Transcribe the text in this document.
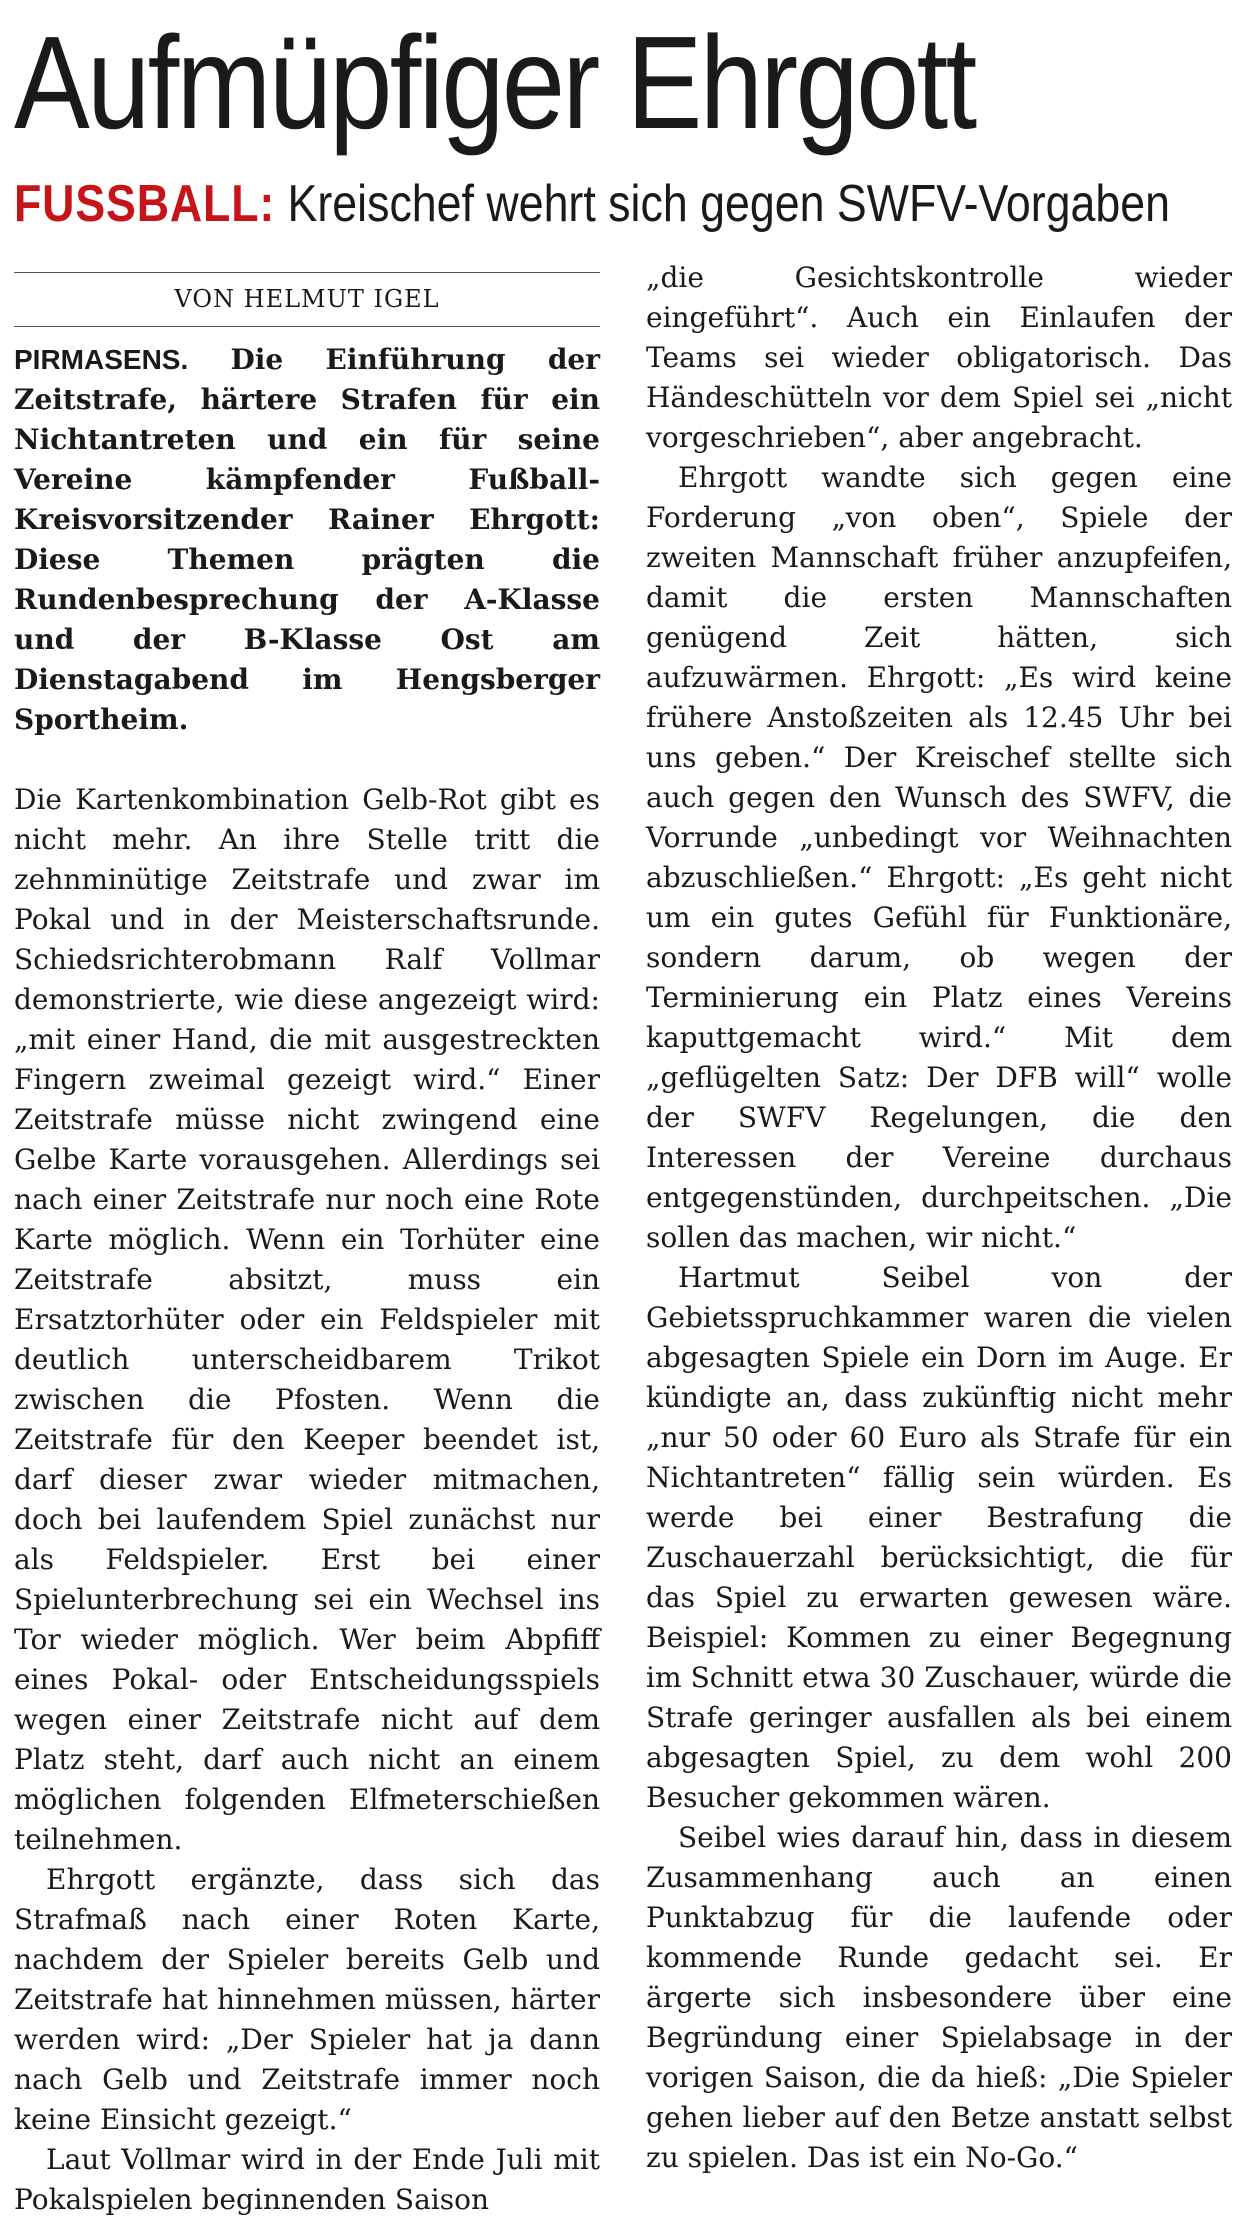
Aufmüpfiger Ehrgott
FUSSBALL: Kreischef wehrt sich gegen SWFV-Vorgaben
VON HELMUT IGEL

PIRMASENS. Die Einführung der Zeitstrafe, härtere Strafen für ein Nichtantreten und ein für seine Vereine kämpfender Fußball-Kreisvorsitzender Rainer Ehrgott: Diese Themen prägten die Rundenbesprechung der A-Klasse und der B-Klasse Ost am Dienstagabend im Hengsberger Sportheim.

Die Kartenkombination Gelb-Rot gibt es nicht mehr. An ihre Stelle tritt die zehnminütige Zeitstrafe und zwar im Pokal und in der Meisterschaftsrunde. Schiedsrichterobmann Ralf Vollmar demonstrierte, wie diese angezeigt wird: „mit einer Hand, die mit ausgestreckten Fingern zweimal gezeigt wird.“ Einer Zeitstrafe müsse nicht zwingend eine Gelbe Karte vorausgehen. Allerdings sei nach einer Zeitstrafe nur noch eine Rote Karte möglich. Wenn ein Torhüter eine Zeitstrafe absitzt, muss ein Ersatztorhüter oder ein Feldspieler mit deutlich unterscheidbarem Trikot zwischen die Pfosten. Wenn die Zeitstrafe für den Keeper beendet ist, darf dieser zwar wieder mitmachen, doch bei laufendem Spiel zunächst nur als Feldspieler. Erst bei einer Spielunterbrechung sei ein Wechsel ins Tor wieder möglich. Wer beim Abpfiff eines Pokal- oder Entscheidungsspiels wegen einer Zeitstrafe nicht auf dem Platz steht, darf auch nicht an einem möglichen folgenden Elfmeterschießen teilnehmen.

Ehrgott ergänzte, dass sich das Strafmaß nach einer Roten Karte, nachdem der Spieler bereits Gelb und Zeitstrafe hat hinnehmen müssen, härter werden wird: „Der Spieler hat ja dann nach Gelb und Zeitstrafe immer noch keine Einsicht gezeigt.“

Laut Vollmar wird in der Ende Juli mit Pokalspielen beginnenden Saison

„die Gesichtskontrolle wieder eingeführt“. Auch ein Einlaufen der Teams sei wieder obligatorisch. Das Händeschütteln vor dem Spiel sei „nicht vorgeschrieben“, aber angebracht.

Ehrgott wandte sich gegen eine Forderung „von oben“, Spiele der zweiten Mannschaft früher anzupfeifen, damit die ersten Mannschaften genügend Zeit hätten, sich aufzuwärmen. Ehrgott: „Es wird keine frühere Anstoßzeiten als 12.45 Uhr bei uns geben.“ Der Kreischef stellte sich auch gegen den Wunsch des SWFV, die Vorrunde „unbedingt vor Weihnachten abzuschließen.“ Ehrgott: „Es geht nicht um ein gutes Gefühl für Funktionäre, sondern darum, ob wegen der Terminierung ein Platz eines Vereins kaputtgemacht wird.“ Mit dem „geflügelten Satz: Der DFB will“ wolle der SWFV Regelungen, die den Interessen der Vereine durchaus entgegenstünden, durchpeitschen. „Die sollen das machen, wir nicht.“

Hartmut Seibel von der Gebietsspruchkammer waren die vielen abgesagten Spiele ein Dorn im Auge. Er kündigte an, dass zukünftig nicht mehr „nur 50 oder 60 Euro als Strafe für ein Nichtantreten“ fällig sein würden. Es werde bei einer Bestrafung die Zuschauerzahl berücksichtigt, die für das Spiel zu erwarten gewesen wäre. Beispiel: Kommen zu einer Begegnung im Schnitt etwa 30 Zuschauer, würde die Strafe geringer ausfallen als bei einem abgesagten Spiel, zu dem wohl 200 Besucher gekommen wären.

Seibel wies darauf hin, dass in diesem Zusammenhang auch an einen Punktabzug für die laufende oder kommende Runde gedacht sei. Er ärgerte sich insbesondere über eine Begründung einer Spielabsage in der vorigen Saison, die da hieß: „Die Spieler gehen lieber auf den Betze anstatt selbst zu spielen. Das ist ein No-Go.“
